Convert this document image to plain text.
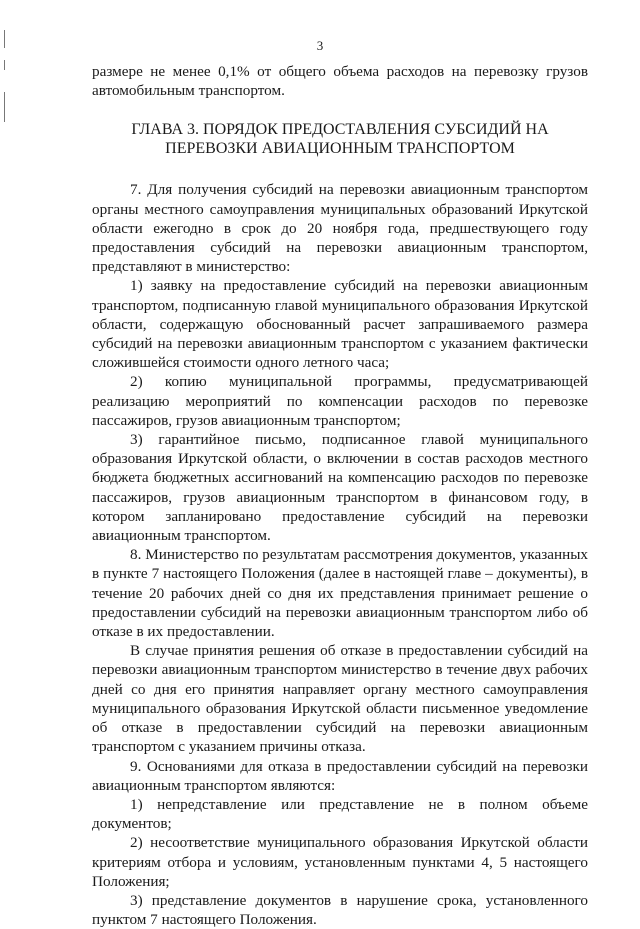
3

размере не менее 0,1% от общего объема расходов на перевозку грузов автомобильным транспортом.

ГЛАВА 3. ПОРЯДОК ПРЕДОСТАВЛЕНИЯ СУБСИДИЙ НА ПЕРЕВОЗКИ АВИАЦИОННЫМ ТРАНСПОРТОМ

7. Для получения субсидий на перевозки авиационным транспортом органы местного самоуправления муниципальных образований Иркутской области ежегодно в срок до 20 ноября года, предшествующего году предоставления субсидий на перевозки авиационным транспортом, представляют в министерство:

1) заявку на предоставление субсидий на перевозки авиационным транспортом, подписанную главой муниципального образования Иркутской области, содержащую обоснованный расчет запрашиваемого размера субсидий на перевозки авиационным транспортом с указанием фактически сложившейся стоимости одного летного часа;

2) копию муниципальной программы, предусматривающей реализацию мероприятий по компенсации расходов по перевозке пассажиров, грузов авиационным транспортом;

3) гарантийное письмо, подписанное главой муниципального образования Иркутской области, о включении в состав расходов местного бюджета бюджетных ассигнований на компенсацию расходов по перевозке пассажиров, грузов авиационным транспортом в финансовом году, в котором запланировано предоставление субсидий на перевозки авиационным транспортом.

8. Министерство по результатам рассмотрения документов, указанных в пункте 7 настоящего Положения (далее в настоящей главе – документы), в течение 20 рабочих дней со дня их представления принимает решение о предоставлении субсидий на перевозки авиационным транспортом либо об отказе в их предоставлении.

В случае принятия решения об отказе в предоставлении субсидий на перевозки авиационным транспортом министерство в течение двух рабочих дней со дня его принятия направляет органу местного самоуправления муниципального образования Иркутской области письменное уведомление об отказе в предоставлении субсидий на перевозки авиационным транспортом с указанием причины отказа.

9. Основаниями для отказа в предоставлении субсидий на перевозки авиационным транспортом являются:

1) непредставление или представление не в полном объеме документов;

2) несоответствие муниципального образования Иркутской области критериям отбора и условиям, установленным пунктами 4, 5 настоящего Положения;

3) представление документов в нарушение срока, установленного пунктом 7 настоящего Положения.
